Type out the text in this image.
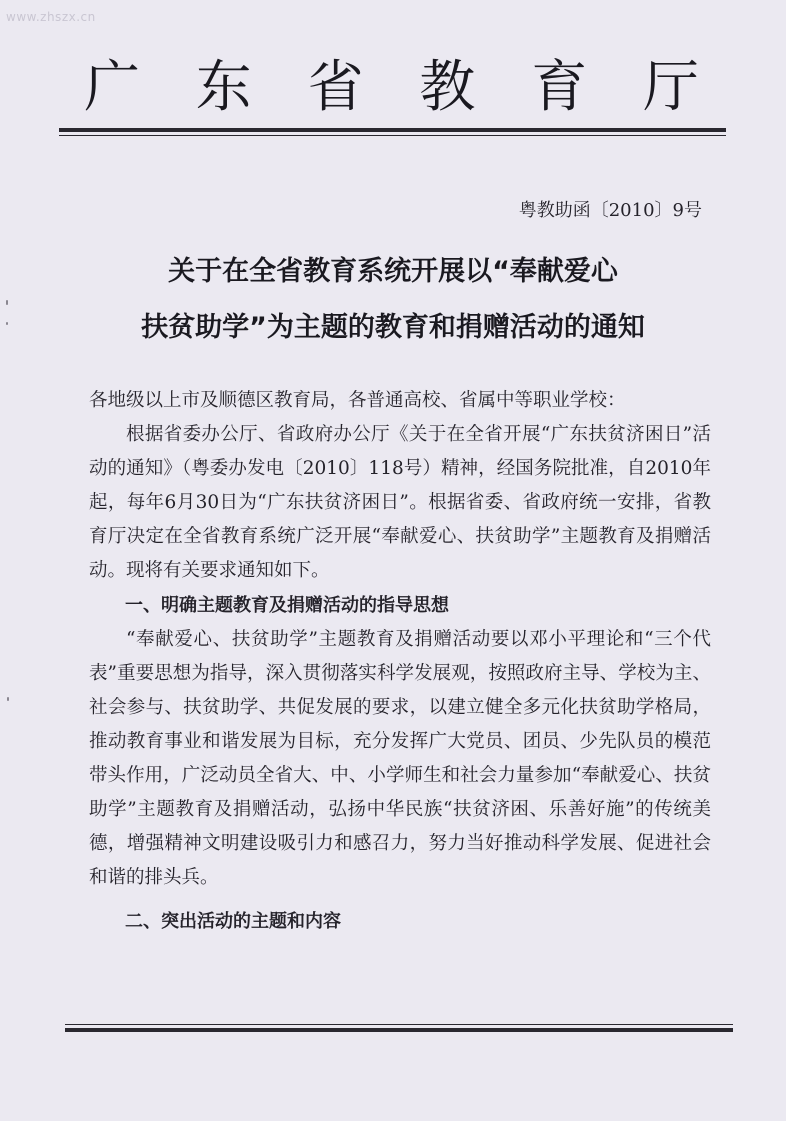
www.zhszx.cn
广 东 省 教 育 厅
粤教助函〔2010〕9号
关于在全省教育系统开展以“奉献爱心
扶贫助学”为主题的教育和捐赠活动的通知

各地级以上市及顺德区教育局，各普通高校、省属中等职业学校：

根据省委办公厅、省政府办公厅《关于在全省开展“广东扶贫济困日”活动的通知》（粤委办发电〔2010〕118号）精神，经国务院批准，自2010年起，每年6月30日为“广东扶贫济困日”。根据省委、省政府统一安排，省教育厅决定在全省教育系统广泛开展“奉献爱心、扶贫助学”主题教育及捐赠活动。现将有关要求通知如下。

一、明确主题教育及捐赠活动的指导思想

“奉献爱心、扶贫助学”主题教育及捐赠活动要以邓小平理论和“三个代表”重要思想为指导，深入贯彻落实科学发展观，按照政府主导、学校为主、社会参与、扶贫助学、共促发展的要求，以建立健全多元化扶贫助学格局，推动教育事业和谐发展为目标，充分发挥广大党员、团员、少先队员的模范带头作用，广泛动员全省大、中、小学师生和社会力量参加“奉献爱心、扶贫助学”主题教育及捐赠活动，弘扬中华民族“扶贫济困、乐善好施”的传统美德，增强精神文明建设吸引力和感召力，努力当好推动科学发展、促进社会和谐的排头兵。

二、突出活动的主题和内容
